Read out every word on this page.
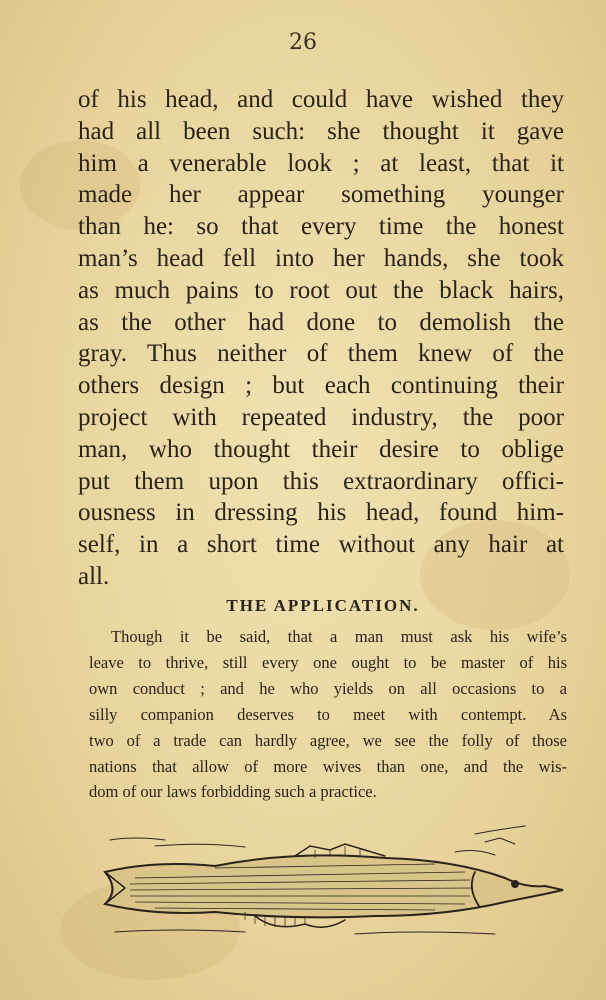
26

of his head, and could have wished they
had all been such: she thought it gave
him a venerable look ; at least, that it
made her appear something younger
than he: so that every time the honest
man’s head fell into her hands, she took
as much pains to root out the black hairs,
as the other had done to demolish the
gray. Thus neither of them knew of the
others design ; but each continuing their
project with repeated industry, the poor
man, who thought their desire to oblige
put them upon this extraordinary offici-
ousness in dressing his head, found him-
self, in a short time without any hair at
all.

THE APPLICATION.

Though it be said, that a man must ask his wife’s
leave to thrive, still every one ought to be master of his
own conduct ; and he who yields on all occasions to a
silly companion deserves to meet with contempt. As
two of a trade can hardly agree, we see the folly of those
nations that allow of more wives than one, and the wis-
dom of our laws forbidding such a practice.
